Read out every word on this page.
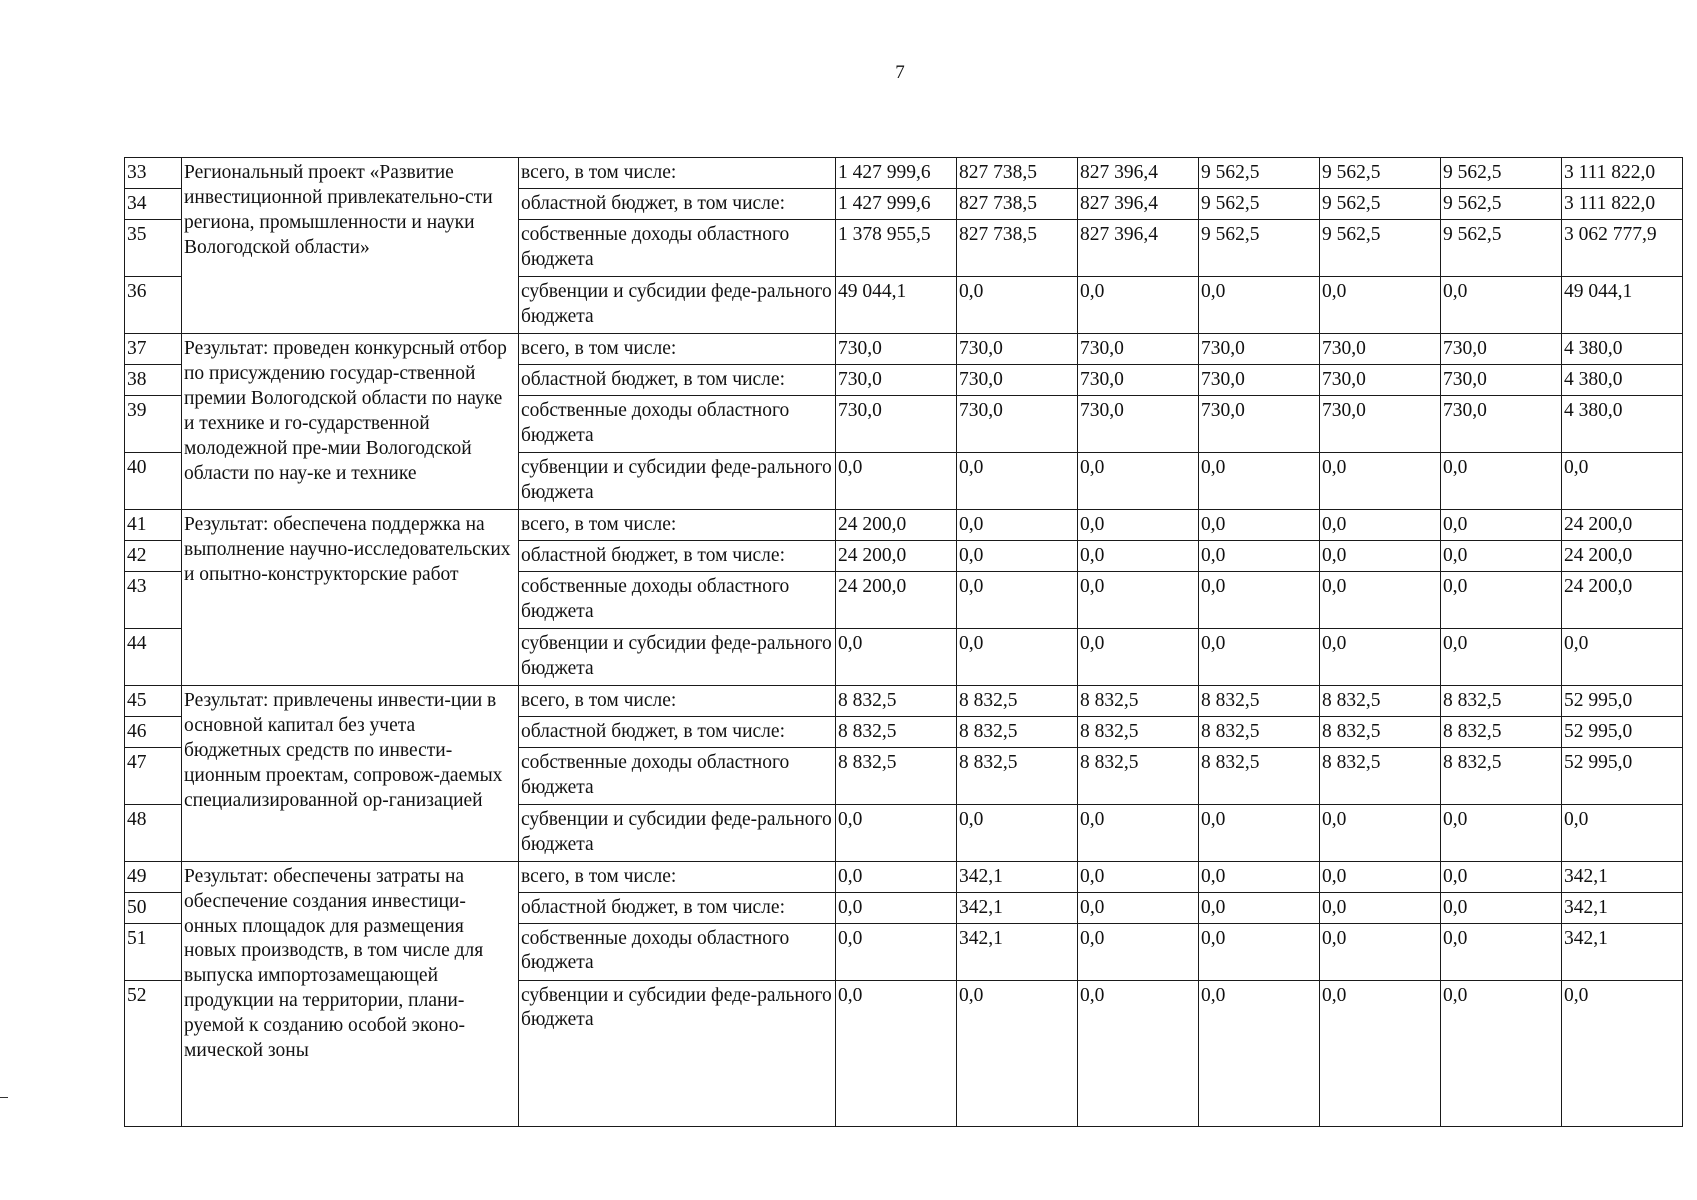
7
33	Региональный проект «Развитие инвестиционной привлекательно-сти региона, промышленности и науки Вологодской области»	всего, в том числе:	1 427 999,6	827 738,5	827 396,4	9 562,5	9 562,5	9 562,5	3 111 822,0
34		областной бюджет, в том числе:	1 427 999,6	827 738,5	827 396,4	9 562,5	9 562,5	9 562,5	3 111 822,0
35		собственные доходы областного бюджета	1 378 955,5	827 738,5	827 396,4	9 562,5	9 562,5	9 562,5	3 062 777,9
36		субвенции и субсидии феде-рального бюджета	49 044,1	0,0	0,0	0,0	0,0	0,0	49 044,1
37	Результат: проведен конкурсный отбор по присуждению государ-ственной премии Вологодской области по науке и технике и го-сударственной молодежной пре-мии Вологодской области по нау-ке и технике	всего, в том числе:	730,0	730,0	730,0	730,0	730,0	730,0	4 380,0
38		областной бюджет, в том числе:	730,0	730,0	730,0	730,0	730,0	730,0	4 380,0
39		собственные доходы областного бюджета	730,0	730,0	730,0	730,0	730,0	730,0	4 380,0
40		субвенции и субсидии феде-рального бюджета	0,0	0,0	0,0	0,0	0,0	0,0	0,0
41	Результат: обеспечена поддержка на выполнение научно-исследовательских и опытно-конструкторские работ	всего, в том числе:	24 200,0	0,0	0,0	0,0	0,0	0,0	24 200,0
42		областной бюджет, в том числе:	24 200,0	0,0	0,0	0,0	0,0	0,0	24 200,0
43		собственные доходы областного бюджета	24 200,0	0,0	0,0	0,0	0,0	0,0	24 200,0
44		субвенции и субсидии феде-рального бюджета	0,0	0,0	0,0	0,0	0,0	0,0	0,0
45	Результат: привлечены инвести-ции в основной капитал без учета бюджетных средств по инвести-ционным проектам, сопровож-даемых специализированной ор-ганизацией	всего, в том числе:	8 832,5	8 832,5	8 832,5	8 832,5	8 832,5	8 832,5	52 995,0
46		областной бюджет, в том числе:	8 832,5	8 832,5	8 832,5	8 832,5	8 832,5	8 832,5	52 995,0
47		собственные доходы областного бюджета	8 832,5	8 832,5	8 832,5	8 832,5	8 832,5	8 832,5	52 995,0
48		субвенции и субсидии феде-рального бюджета	0,0	0,0	0,0	0,0	0,0	0,0	0,0
49	Результат: обеспечены затраты на обеспечение создания инвестици-онных площадок для размещения новых производств, в том числе для выпуска импортозамещающей продукции на территории, плани-руемой к созданию особой эконо-мической зоны	всего, в том числе:	0,0	342,1	0,0	0,0	0,0	0,0	342,1
50		областной бюджет, в том числе:	0,0	342,1	0,0	0,0	0,0	0,0	342,1
51		собственные доходы областного бюджета	0,0	342,1	0,0	0,0	0,0	0,0	342,1
52		субвенции и субсидии феде-рального бюджета	0,0	0,0	0,0	0,0	0,0	0,0	0,0
